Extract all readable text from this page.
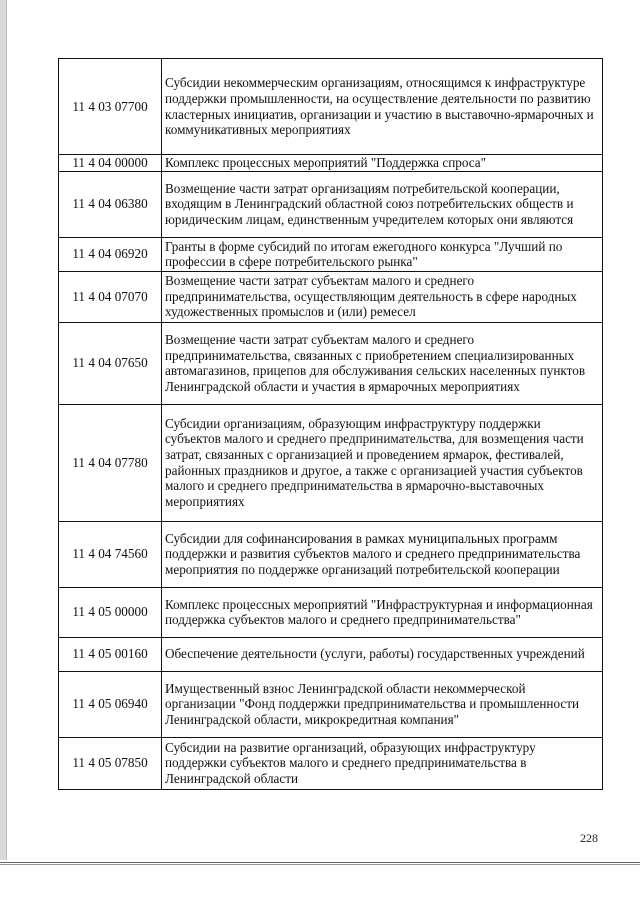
11 4 03 07700	Субсидии некоммерческим организациям, относящимся к инфраструктуре поддержки промышленности, на осуществление деятельности по развитию кластерных инициатив, организации и участию в выставочно-ярмарочных и коммуникативных мероприятиях
11 4 04 00000	Комплекс процессных мероприятий "Поддержка спроса"
11 4 04 06380	Возмещение части затрат организациям потребительской кооперации, входящим в Ленинградский областной союз потребительских обществ и юридическим лицам, единственным учредителем которых они являются
11 4 04 06920	Гранты в форме субсидий по итогам ежегодного конкурса "Лучший по профессии в сфере потребительского рынка"
11 4 04 07070	Возмещение части затрат субъектам малого и среднего предпринимательства, осуществляющим деятельность в сфере народных художественных промыслов и (или) ремесел
11 4 04 07650	Возмещение части затрат субъектам малого и среднего предпринимательства, связанных с приобретением специализированных автомагазинов, прицепов для обслуживания сельских населенных пунктов Ленинградской области и участия в ярмарочных мероприятиях
11 4 04 07780	Субсидии организациям, образующим инфраструктуру поддержки субъектов малого и среднего предпринимательства, для возмещения части затрат, связанных с организацией и проведением ярмарок, фестивалей, районных праздников и другое, а также с организацией участия субъектов малого и среднего предпринимательства в ярмарочно-выставочных мероприятиях
11 4 04 74560	Субсидии для софинансирования в рамках муниципальных программ поддержки и развития субъектов малого и среднего предпринимательства мероприятия по поддержке организаций потребительской кооперации
11 4 05 00000	Комплекс процессных мероприятий "Инфраструктурная и информационная поддержка субъектов малого и среднего предпринимательства"
11 4 05 00160	Обеспечение деятельности (услуги, работы) государственных учреждений
11 4 05 06940	Имущественный взнос Ленинградской области некоммерческой организации "Фонд поддержки предпринимательства и промышленности Ленинградской области, микрокредитная компания"
11 4 05 07850	Субсидии на развитие организаций, образующих инфраструктуру поддержки субъектов малого и среднего предпринимательства в Ленинградской области
228
